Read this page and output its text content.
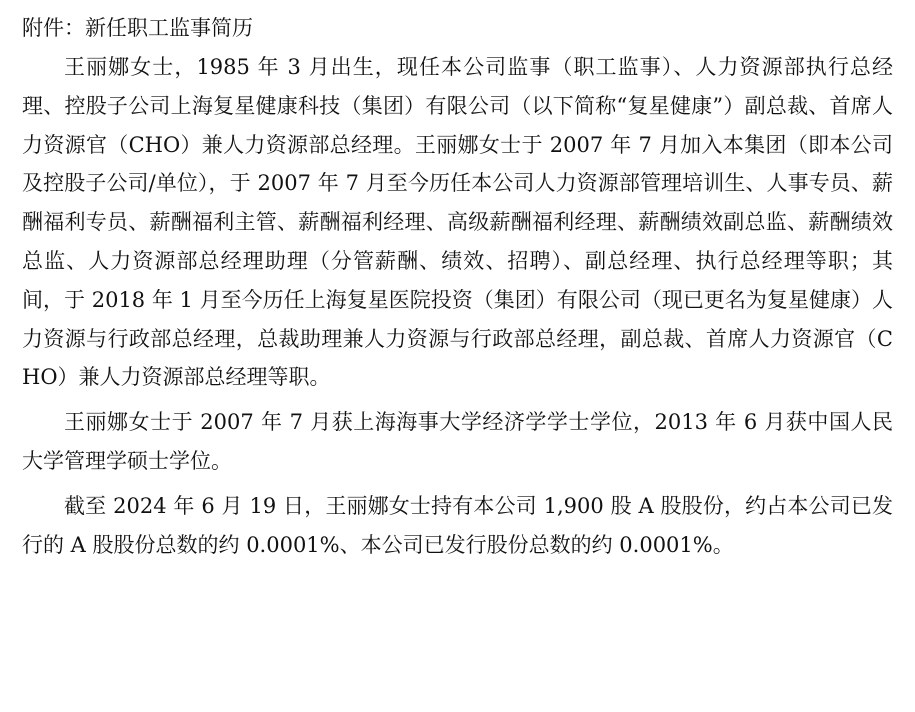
附件：新任职工监事简历

王丽娜女士，1985 年 3 月出生，现任本公司监事（职工监事）、人力资源部执行总经理、控股子公司上海复星健康科技（集团）有限公司（以下简称“复星健康”）副总裁、首席人力资源官（CHO）兼人力资源部总经理。王丽娜女士于 2007 年 7 月加入本集团（即本公司及控股子公司/单位），于 2007 年 7 月至今历任本公司人力资源部管理培训生、人事专员、薪酬福利专员、薪酬福利主管、薪酬福利经理、高级薪酬福利经理、薪酬绩效副总监、薪酬绩效总监、人力资源部总经理助理（分管薪酬、绩效、招聘）、副总经理、执行总经理等职；其间，于 2018 年 1 月至今历任上海复星医院投资（集团）有限公司（现已更名为复星健康）人力资源与行政部总经理，总裁助理兼人力资源与行政部总经理，副总裁、首席人力资源官（CHO）兼人力资源部总经理等职。

王丽娜女士于 2007 年 7 月获上海海事大学经济学学士学位，2013 年 6 月获中国人民大学管理学硕士学位。

截至 2024 年 6 月 19 日，王丽娜女士持有本公司 1,900 股 A 股股份，约占本公司已发行的 A 股股份总数的约 0.0001%、本公司已发行股份总数的约 0.0001%。
